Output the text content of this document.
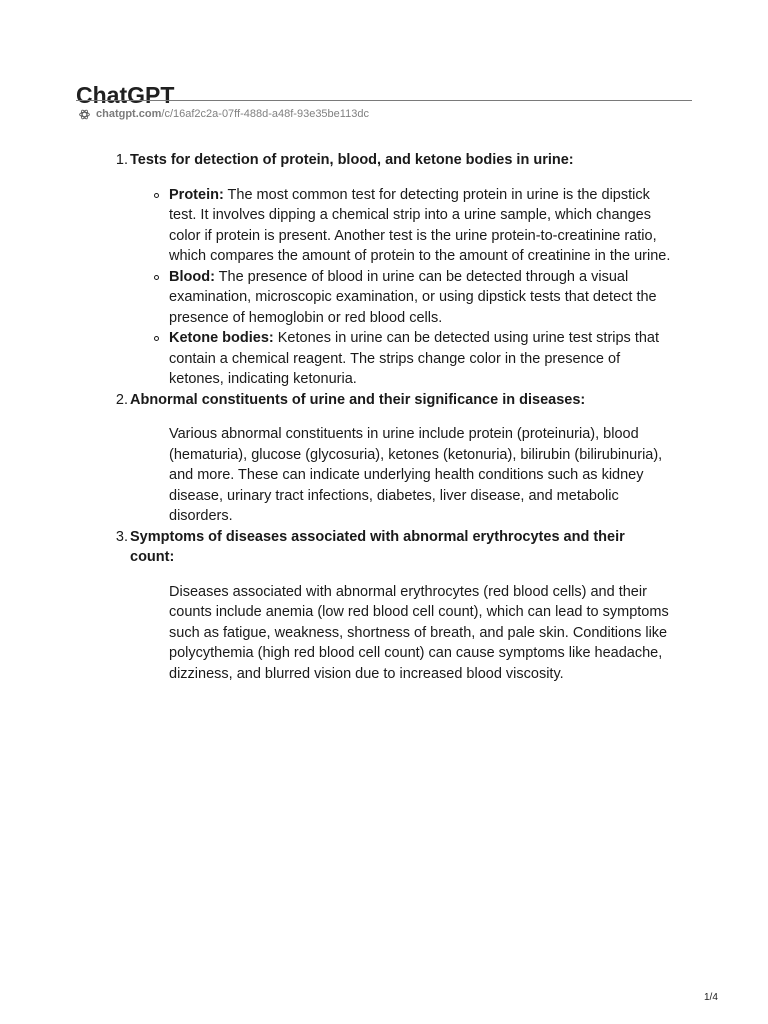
ChatGPT
chatgpt.com /c/16af2c2a-07ff-488d-a48f-93e35be113dc
1 . Tests for detection of protein, blood, and ketone bodies in urine:
Protein: The most common test for detecting protein in urine is the dipstick test. It involves dipping a chemical strip into a urine sample, which changes color if protein is present. Another test is the urine protein-to-creatinine ratio, which compares the amount of protein to the amount of creatinine in the urine.
Blood: The presence of blood in urine can be detected through a visual examination, microscopic examination, or using dipstick tests that detect the presence of hemoglobin or red blood cells.
Ketone bodies: Ketones in urine can be detected using urine test strips that contain a chemical reagent. The strips change color in the presence of ketones, indicating ketonuria.
2 . Abnormal constituents of urine and their significance in diseases:

Various abnormal constituents in urine include protein (proteinuria), blood (hematuria), glucose (glycosuria), ketones (ketonuria), bilirubin (bilirubinuria), and more. These can indicate underlying health conditions such as kidney disease, urinary tract infections, diabetes, liver disease, and metabolic disorders.

3 . Symptoms of diseases associated with abnormal erythrocytes and their count:

Diseases associated with abnormal erythrocytes (red blood cells) and their counts include anemia (low red blood cell count), which can lead to symptoms such as fatigue, weakness, shortness of breath, and pale skin. Conditions like polycythemia (high red blood cell count) can cause symptoms like headache, dizziness, and blurred vision due to increased blood viscosity.

1/4
